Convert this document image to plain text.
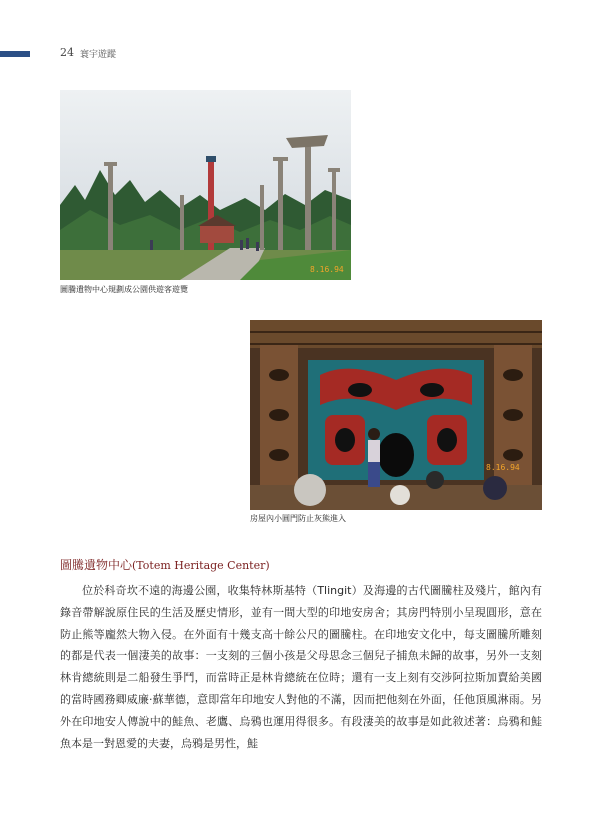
24 寰宇遊蹤
8.16.94
圖騰遺物中心規劃成公園供遊客遊覽
8.16.94
房屋內小圓門防止灰熊進入
圖騰遺物中心(Totem Heritage Center)

位於科奇坎不遠的海邊公園，收集特林斯基特（Tlingit）及海邊的古代圖騰柱及殘片，館內有錄音帶解說原住民的生活及歷史情形，並有一間大型的印地安房舍；其房門特別小呈現圓形，意在防止熊等龐然大物入侵。在外面有十幾支高十餘公尺的圖騰柱。在印地安文化中，每支圖騰所雕刻的都是代表一個淒美的故事：一支刻的三個小孩是父母思念三個兒子捕魚未歸的故事，另外一支刻林肯總統則是二船發生爭鬥，而當時正是林肯總統在位時；還有一支上刻有交涉阿拉斯加賣給美國的當時國務卿威廉·蘇華德，意即當年印地安人對他的不滿，因而把他刻在外面，任他頂風淋雨。另外在印地安人傳說中的鮭魚、老鷹、烏鴉也運用得很多。有段淒美的故事是如此敘述著：烏鴉和鮭魚本是一對恩愛的夫妻，烏鴉是男性，鮭
